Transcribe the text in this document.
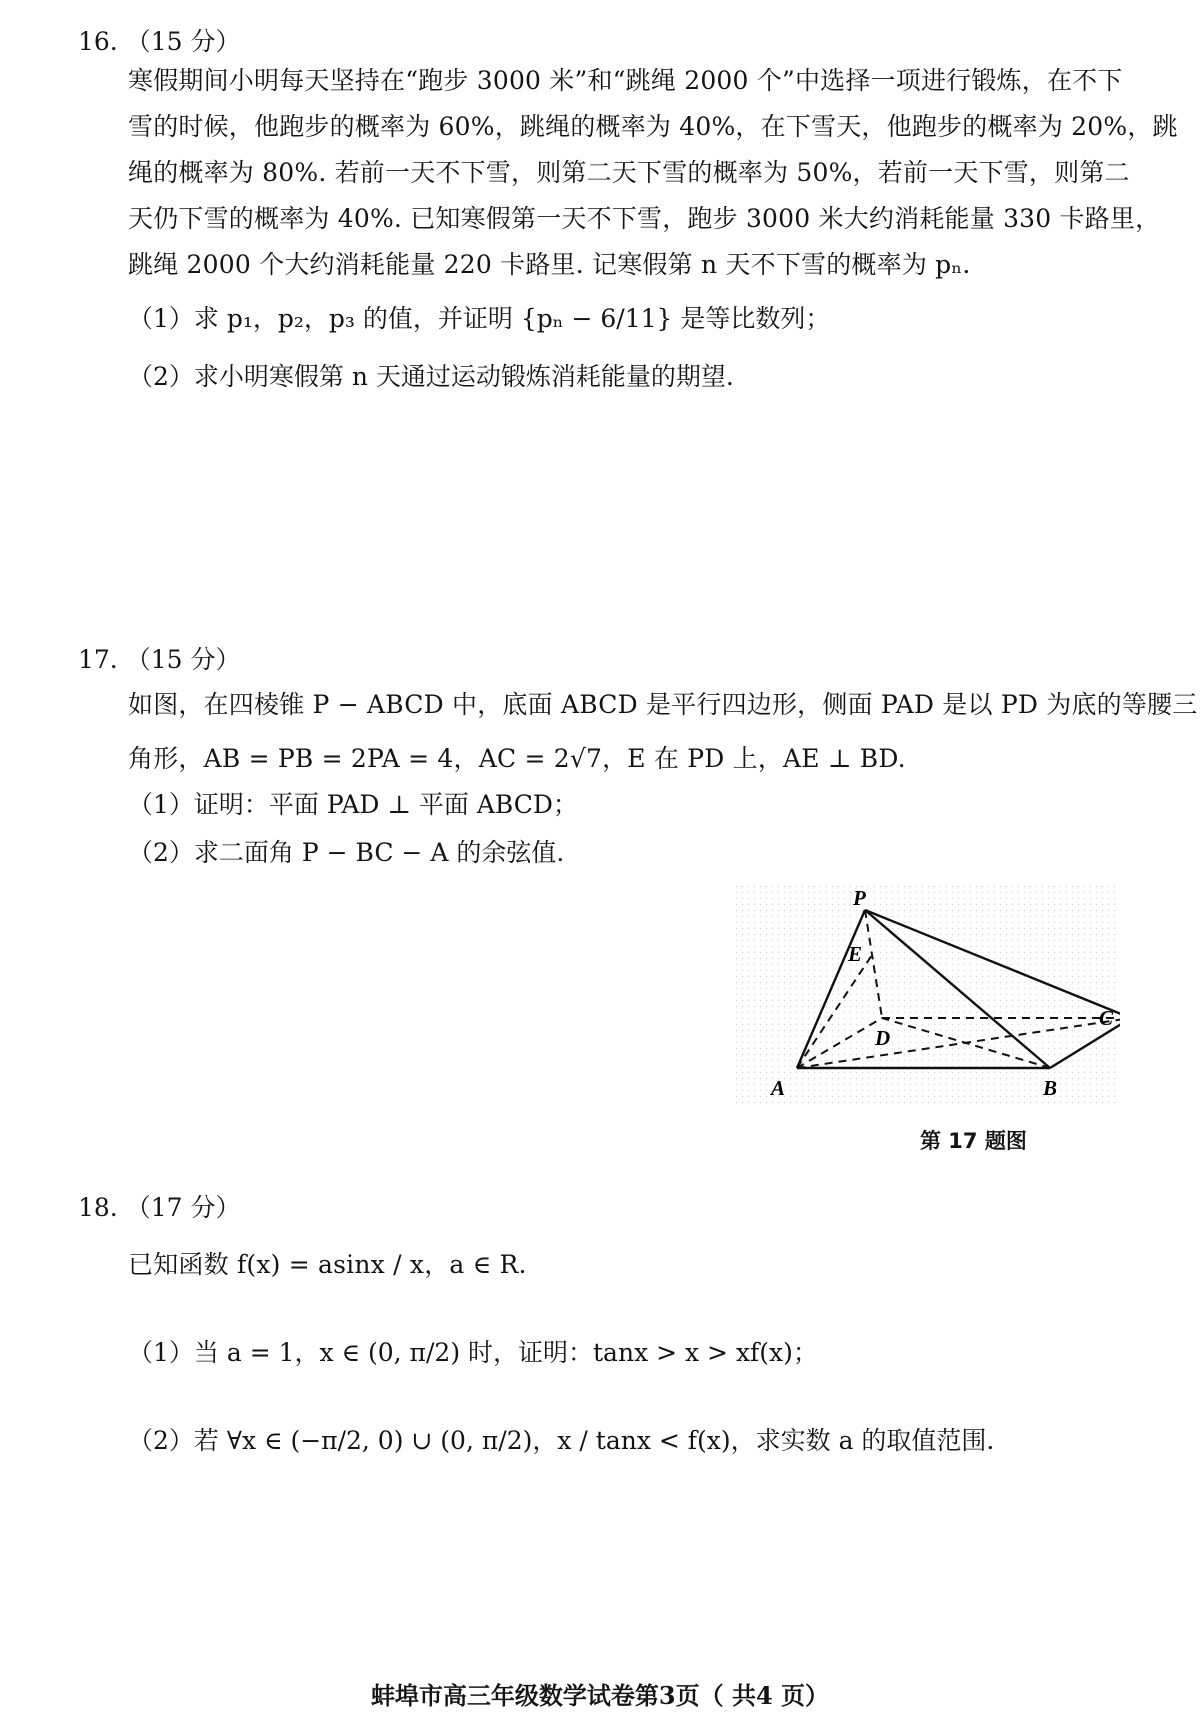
16. （15 分）
寒假期间小明每天坚持在“跑步 3000 米”和“跳绳 2000 个”中选择一项进行锻炼，在不下
雪的时候，他跑步的概率为 60%，跳绳的概率为 40%，在下雪天，他跑步的概率为 20%，跳
绳的概率为 80%. 若前一天不下雪，则第二天下雪的概率为 50%，若前一天下雪，则第二
天仍下雪的概率为 40%. 已知寒假第一天不下雪，跑步 3000 米大约消耗能量 330 卡路里，
跳绳 2000 个大约消耗能量 220 卡路里. 记寒假第 n 天不下雪的概率为 pₙ.
（1）求 p₁，p₂，p₃ 的值，并证明 {pₙ − 6/11} 是等比数列；
（2）求小明寒假第 n 天通过运动锻炼消耗能量的期望.
17. （15 分）
如图，在四棱锥 P − ABCD 中，底面 ABCD 是平行四边形，侧面 PAD 是以 PD 为底的等腰三
角形，AB = PB = 2PA = 4，AC = 2√7，E 在 PD 上，AE ⊥ BD.
（1）证明：平面 PAD ⊥ 平面 ABCD；
（2）求二面角 P − BC − A 的余弦值.
P
E
D
A	B
C
第 17 题图
18. （17 分）
已知函数 f(x) = asinx / x，a ∈ R.
（1）当 a = 1，x ∈ (0, π/2) 时，证明：tanx > x > xf(x)；
（2）若 ∀x ∈ (−π/2, 0) ∪ (0, π/2)，x / tanx < f(x)，求实数 a 的取值范围.
蚌埠市高三年级数学试卷第3页（ 共4 页）
